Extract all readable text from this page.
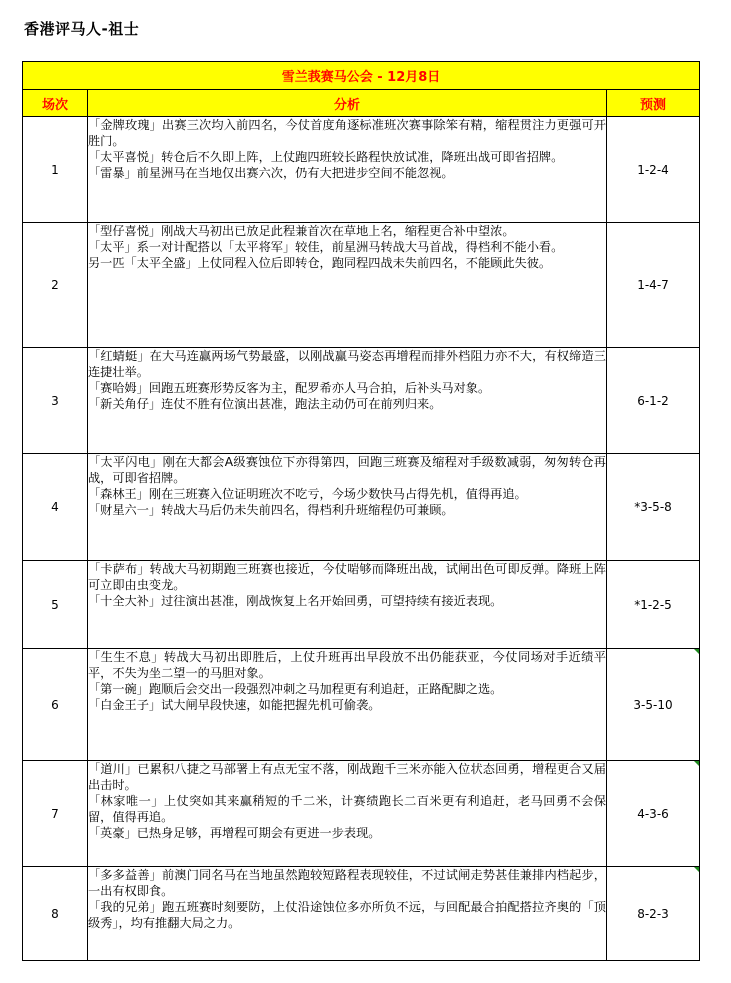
香港评马人-祖士
雪兰莪赛马公会 - 12月8日		
场次	分析	预测
1	「金牌玫瑰」出赛三次均入前四名，今仗首度角逐标准班次赛事除笨有精，缩程贯注力更强可开胜门。
「太平喜悦」转仓后不久即上阵，上仗跑四班较长路程快放试准，降班出战可即省招牌。
「雷暴」前星洲马在当地仅出赛六次，仍有大把进步空间不能忽视。	1-2-4
2	「型仔喜悦」刚战大马初出已放足此程兼首次在草地上名，缩程更合补中望浓。
「太平」系一对计配搭以「太平将军」较佳，前星洲马转战大马首战，得档利不能小看。
另一匹「太平全盛」上仗同程入位后即转仓，跑同程四战未失前四名，不能顾此失彼。	1-4-7
3	「红蜻蜓」在大马连赢两场气势最盛，以刚战赢马姿态再增程而排外档阻力亦不大，有权缔造三连捷壮举。
「赛哈姆」回跑五班赛形势反客为主，配罗希亦人马合拍，后补头马对象。
「新关角仔」连仗不胜有位演出甚准，跑法主动仍可在前列归来。	6-1-2
4	「太平闪电」刚在大都会A级赛蚀位下亦得第四，回跑三班赛及缩程对手级数减弱，匆匆转仓再战，可即省招牌。
「森林王」刚在三班赛入位证明班次不吃亏，今场少数快马占得先机，值得再追。
「财星六一」转战大马后仍未失前四名，得档利升班缩程仍可兼顾。	*3-5-8
5	「卡萨布」转战大马初期跑三班赛也接近，今仗啱够而降班出战，试闸出色可即反弹。降班上阵可立即由虫变龙。
「十全大补」过往演出甚准，刚战恢复上名开始回勇，可望持续有接近表现。	*1-2-5
6	「生生不息」转战大马初出即胜后，上仗升班再出早段放不出仍能获亚，今仗同场对手近绩平平，不失为坐二望一的马胆对象。
「第一碗」跑顺后会交出一段强烈冲刺之马加程更有利追赶，正路配脚之选。
「白金王子」试大闸早段快速，如能把握先机可偷袭。	3-5-10

7	「道川」已累积八捷之马部署上有点无宝不落，刚战跑千三米亦能入位状态回勇，增程更合又届出击时。
「林家唯一」上仗突如其来赢稍短的千二米，计赛绩跑长二百米更有利追赶，老马回勇不会保留，值得再追。
「英豪」已热身足够，再增程可期会有更进一步表现。	4-3-6

8	「多多益善」前澳门同名马在当地虽然跑较短路程表现较佳，不过试闸走势甚佳兼排内档起步，一出有权即食。
「我的兄弟」跑五班赛时刻要防，上仗沿途蚀位多亦所负不远，与回配最合拍配搭拉齐奥的「顶级秀」，均有推翻大局之力。	8-2-3
